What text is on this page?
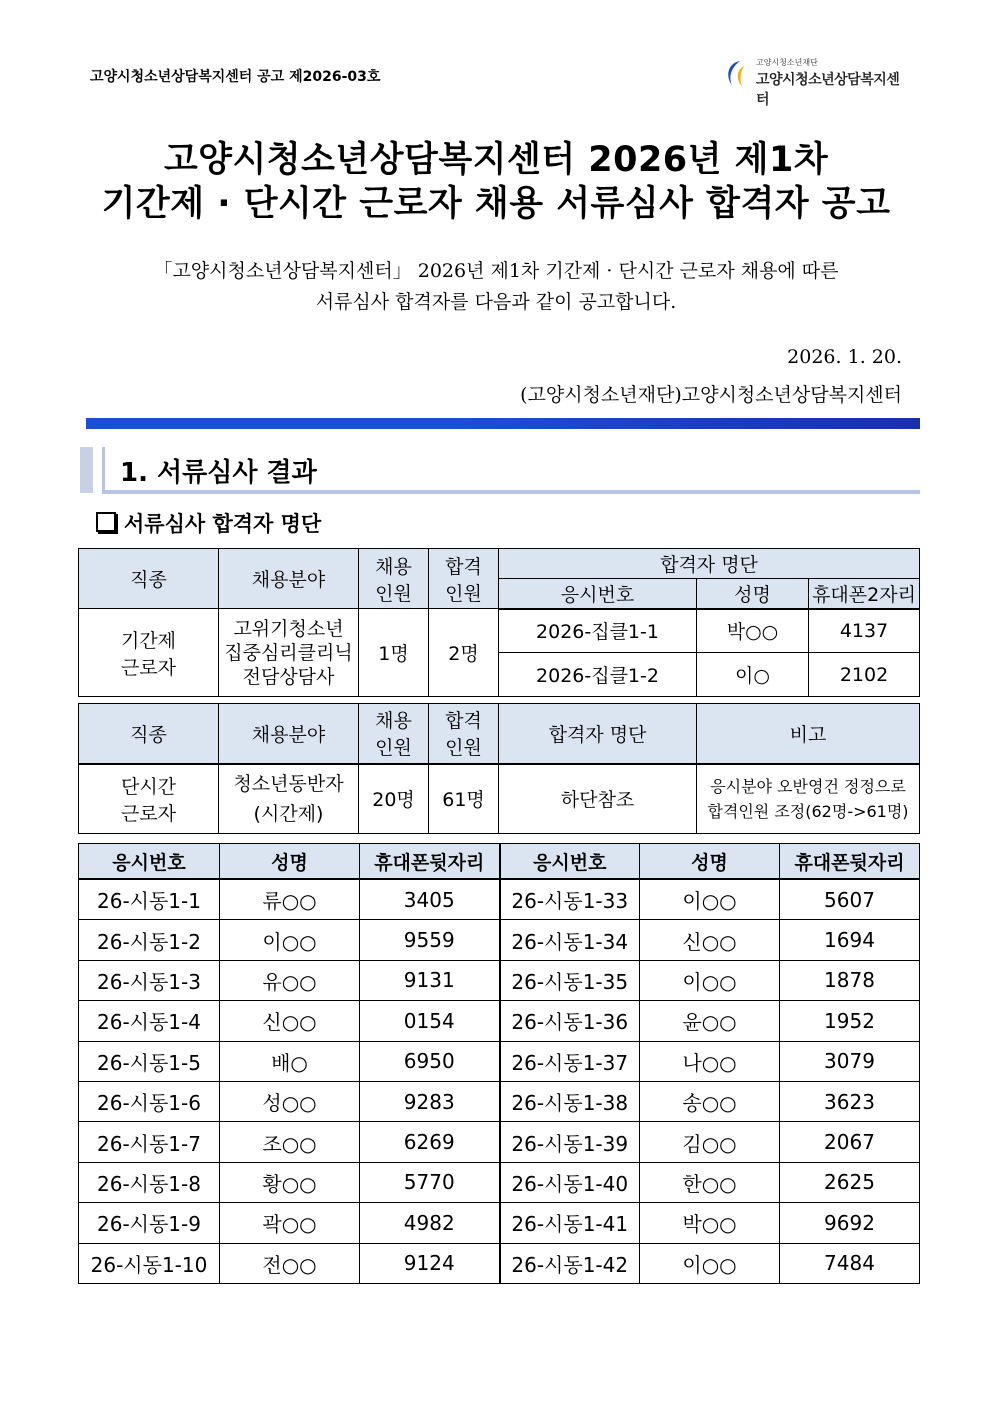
고양시청소년상담복지센터 공고 제2026-03호
고양시청소년재단
고양시청소년상담복지센터
고양시청소년상담복지센터 2026년 제1차
기간제 · 단시간 근로자 채용 서류심사 합격자 공고
「고양시청소년상담복지센터」 2026년 제1차 기간제 · 단시간 근로자 채용에 따른
서류심사 합격자를 다음과 같이 공고합니다.
2026. 1. 20.
(고양시청소년재단)고양시청소년상담복지센터
1. 서류심사 결과
서류심사 합격자 명단
직종	채용분야	채용
인원	합격
인원	합격자 명단		
				응시번호	성명	휴대폰2자리
기간제
근로자	고위기청소년
집중심리클리닉
전담상담사	1명	2명	2026-집클1-1	박○○	4137
				2026-집클1-2	이○	2102
직종	채용분야	채용
인원	합격
인원	합격자 명단	비고
단시간
근로자	청소년동반자
(시간제)	20명	61명	하단참조	응시분야 오반영건 정정으로
합격인원 조정(62명->61명)
응시번호	성명	휴대폰뒷자리	응시번호	성명	휴대폰뒷자리
26-시동1-1	류○○	3405	26-시동1-33	이○○	5607
26-시동1-2	이○○	9559	26-시동1-34	신○○	1694
26-시동1-3	유○○	9131	26-시동1-35	이○○	1878
26-시동1-4	신○○	0154	26-시동1-36	윤○○	1952
26-시동1-5	배○	6950	26-시동1-37	나○○	3079
26-시동1-6	성○○	9283	26-시동1-38	송○○	3623
26-시동1-7	조○○	6269	26-시동1-39	김○○	2067
26-시동1-8	황○○	5770	26-시동1-40	한○○	2625
26-시동1-9	곽○○	4982	26-시동1-41	박○○	9692
26-시동1-10	전○○	9124	26-시동1-42	이○○	7484
